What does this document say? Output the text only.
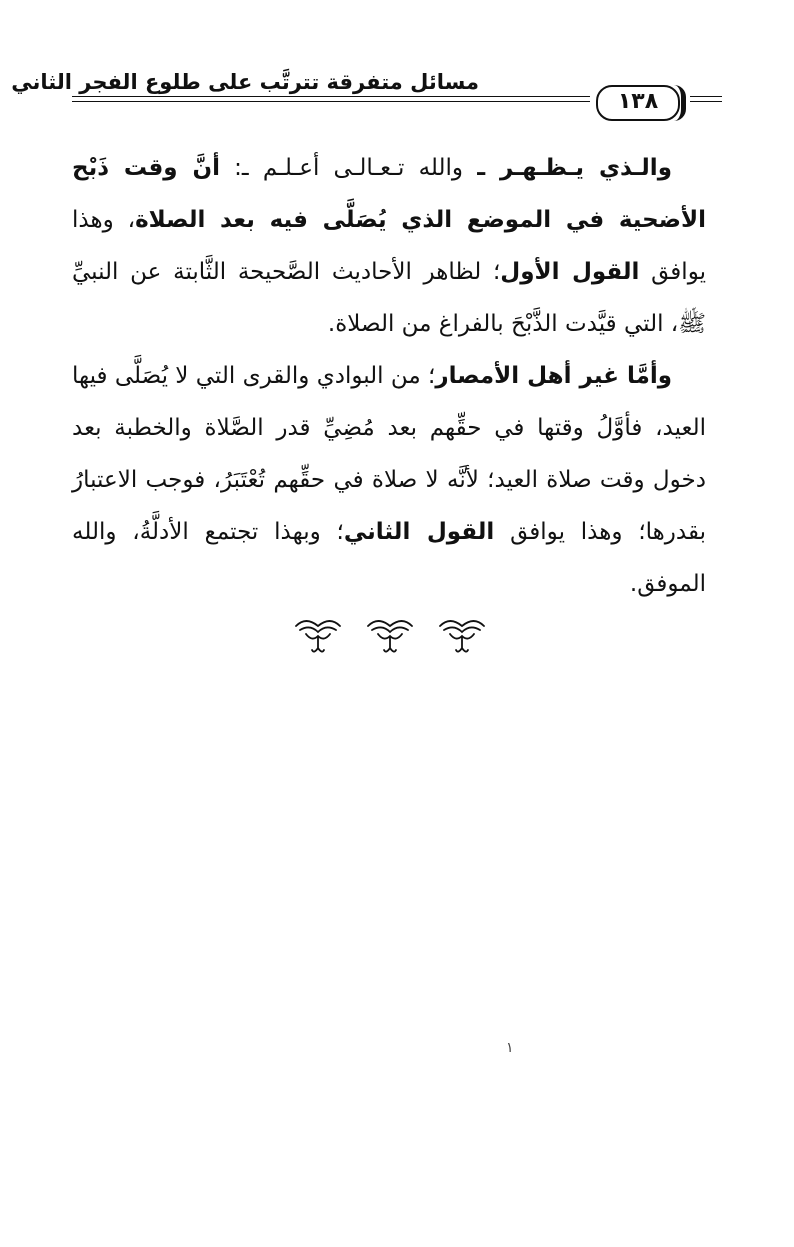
مسائل متفرقة تترتَّب على طلوع الفجر الثاني
١٣٨

والـذي يـظـهـر ـ والله تـعـالـى أعـلـم ـ: أنَّ وقت ذَبْح الأضحية في الموضع الذي يُصَلَّى فيه بعد الصلاة، وهذا يوافق القول الأول؛ لظاهر الأحاديث الصَّحيحة الثَّابتة عن النبيِّ ﷺ، التي قيَّدت الذَّبْحَ بالفراغ من الصلاة.

وأمَّا غير أهل الأمصار؛ من البوادي والقرى التي لا يُصَلَّى فيها العيد، فأوَّلُ وقتها في حقِّهم بعد مُضِيِّ قدر الصَّلاة والخطبة بعد دخول وقت صلاة العيد؛ لأنَّه لا صلاة في حقِّهم تُعْتَبَرُ، فوجب الاعتبارُ بقدرها؛ وهذا يوافق القول الثاني؛ وبهذا تجتمع الأدلَّةُ، والله الموفق.

١
